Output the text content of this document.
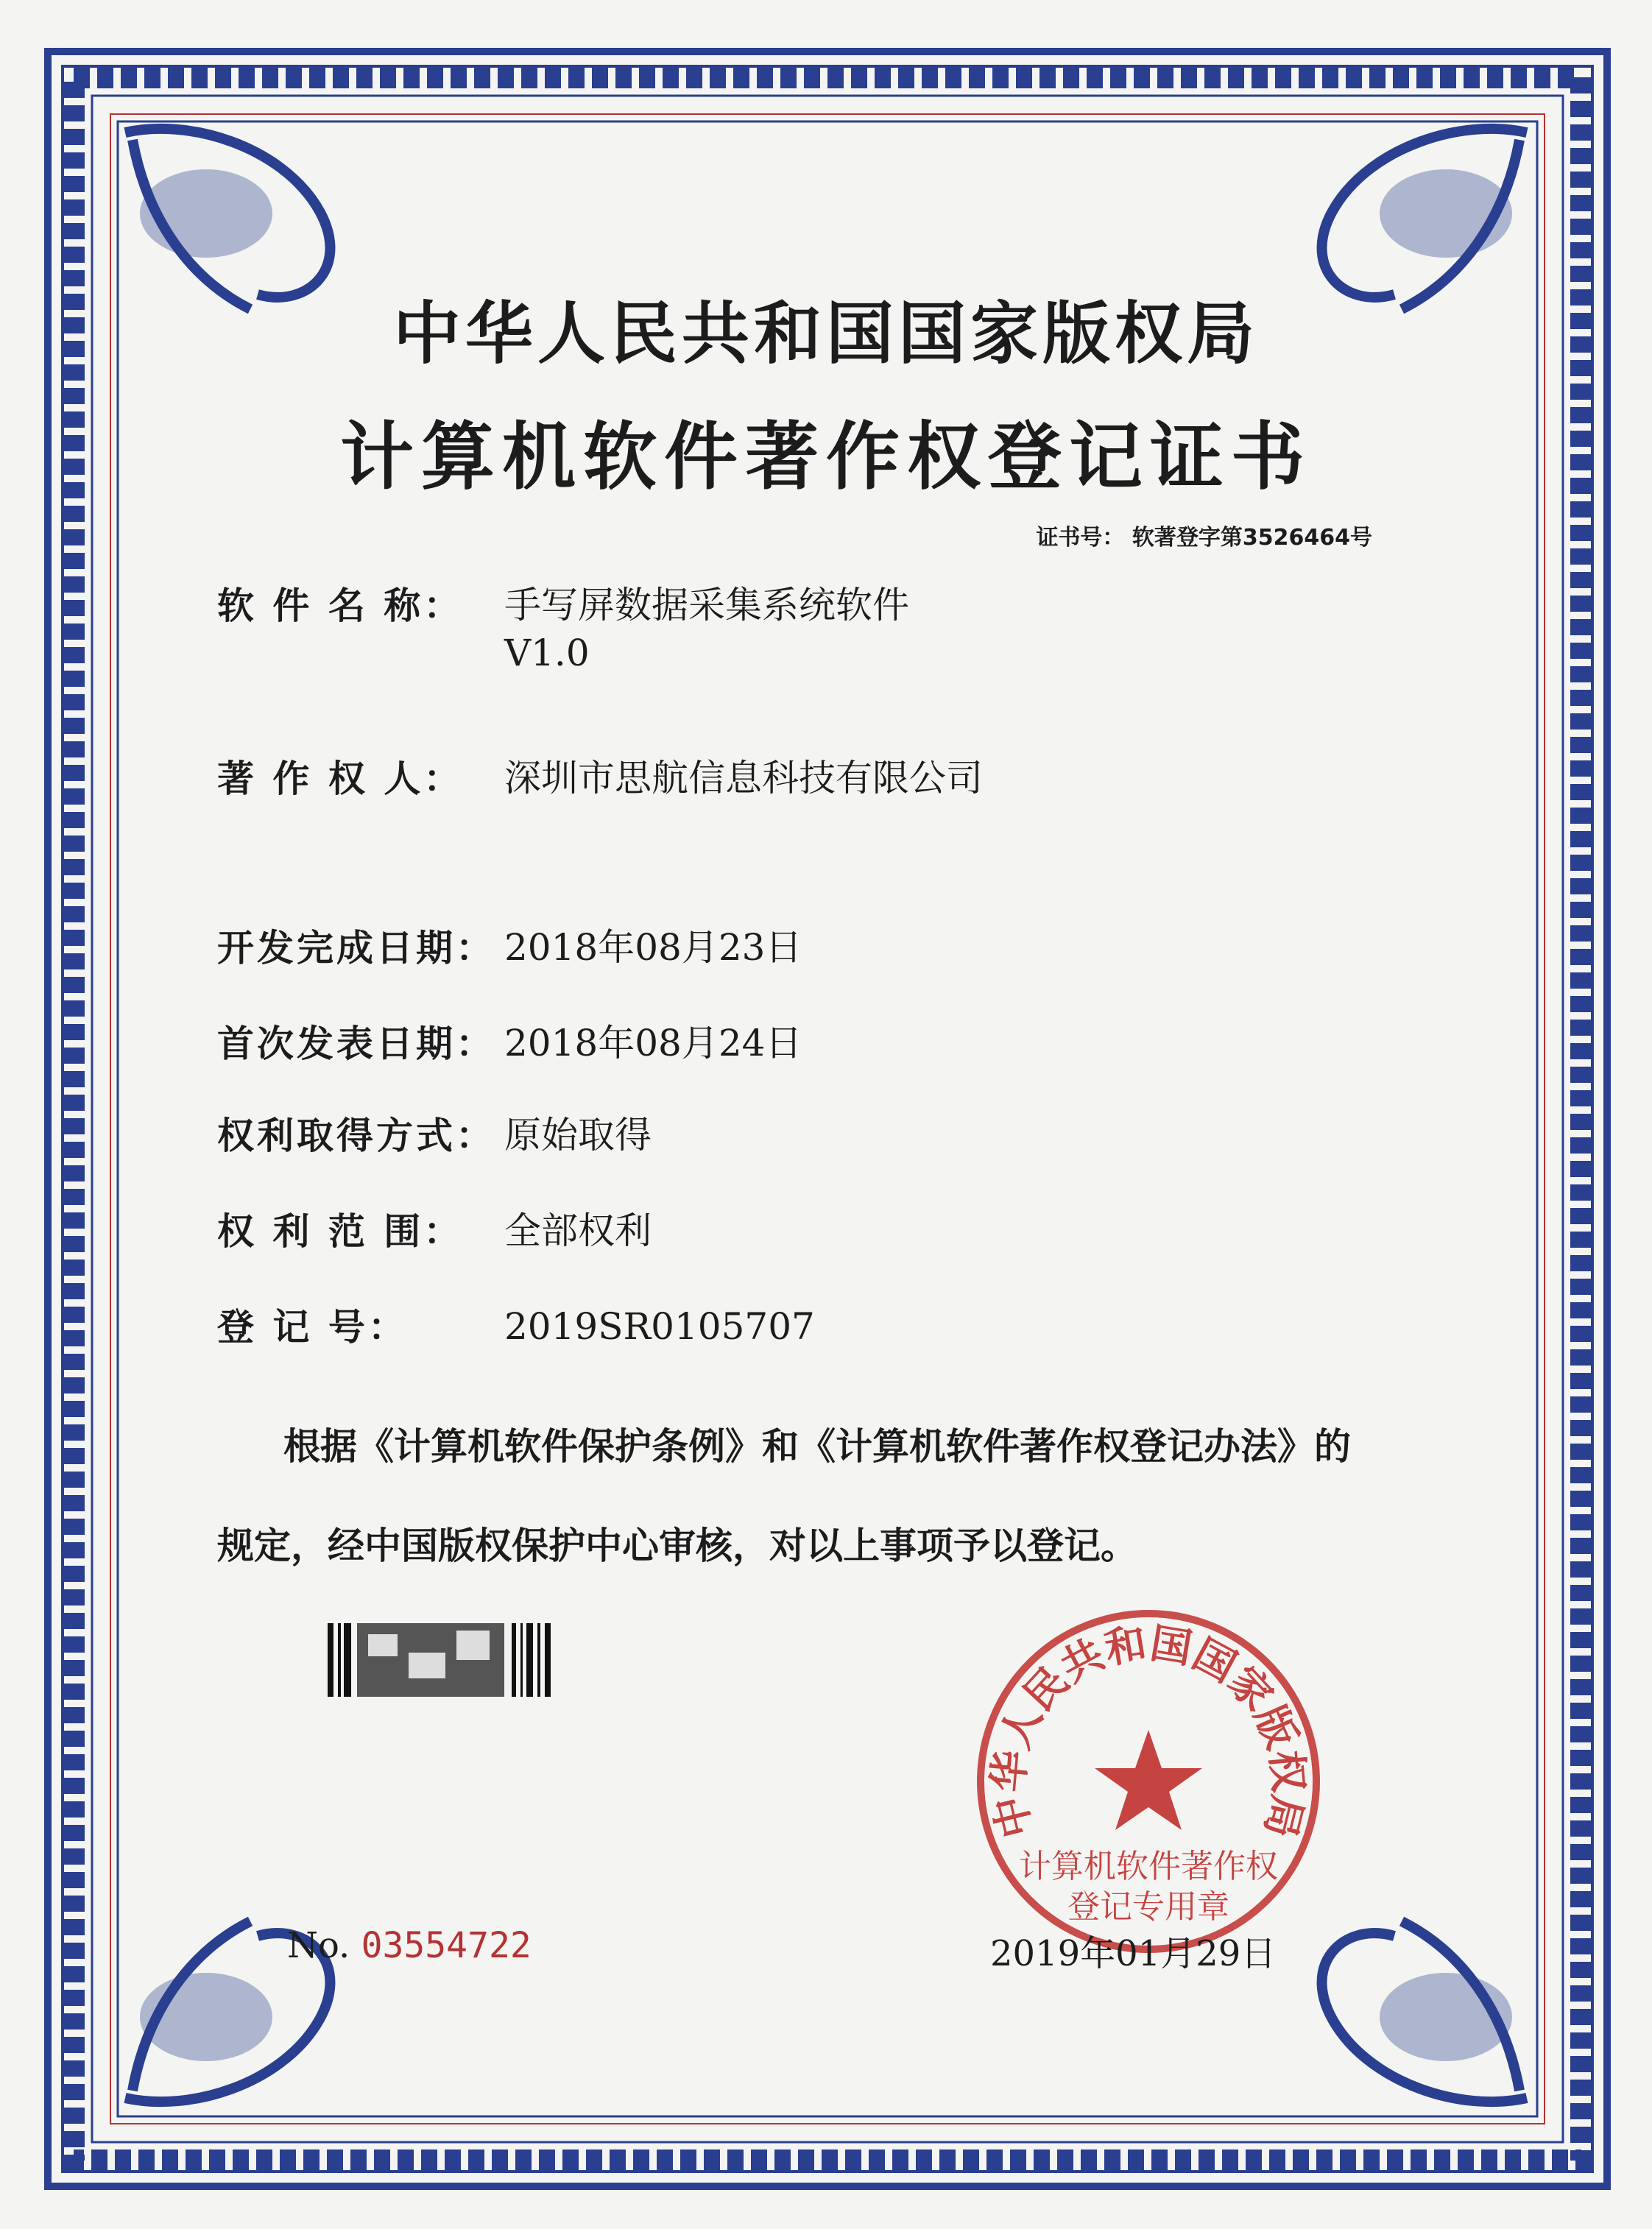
中华人民共和国国家版权局
计算机软件著作权登记证书
证书号： 软著登字第3526464号
软 件 名 称：	手写屏数据采集系统软件
V1.0
著 作 权 人：	深圳市思航信息科技有限公司
开发完成日期： 2018年08月23日
首次发表日期： 2018年08月24日
权利取得方式： 原始取得
权 利 范 围：	全部权利
登 记 号：	2019SR0105707
根据《计算机软件保护条例》和《计算机软件著作权登记办法》的
规定，经中国版权保护中心审核，对以上事项予以登记。
中华人民共和国国家版权局
计算机软件著作权
登记专用章
No. 03554722	2019年01月29日
